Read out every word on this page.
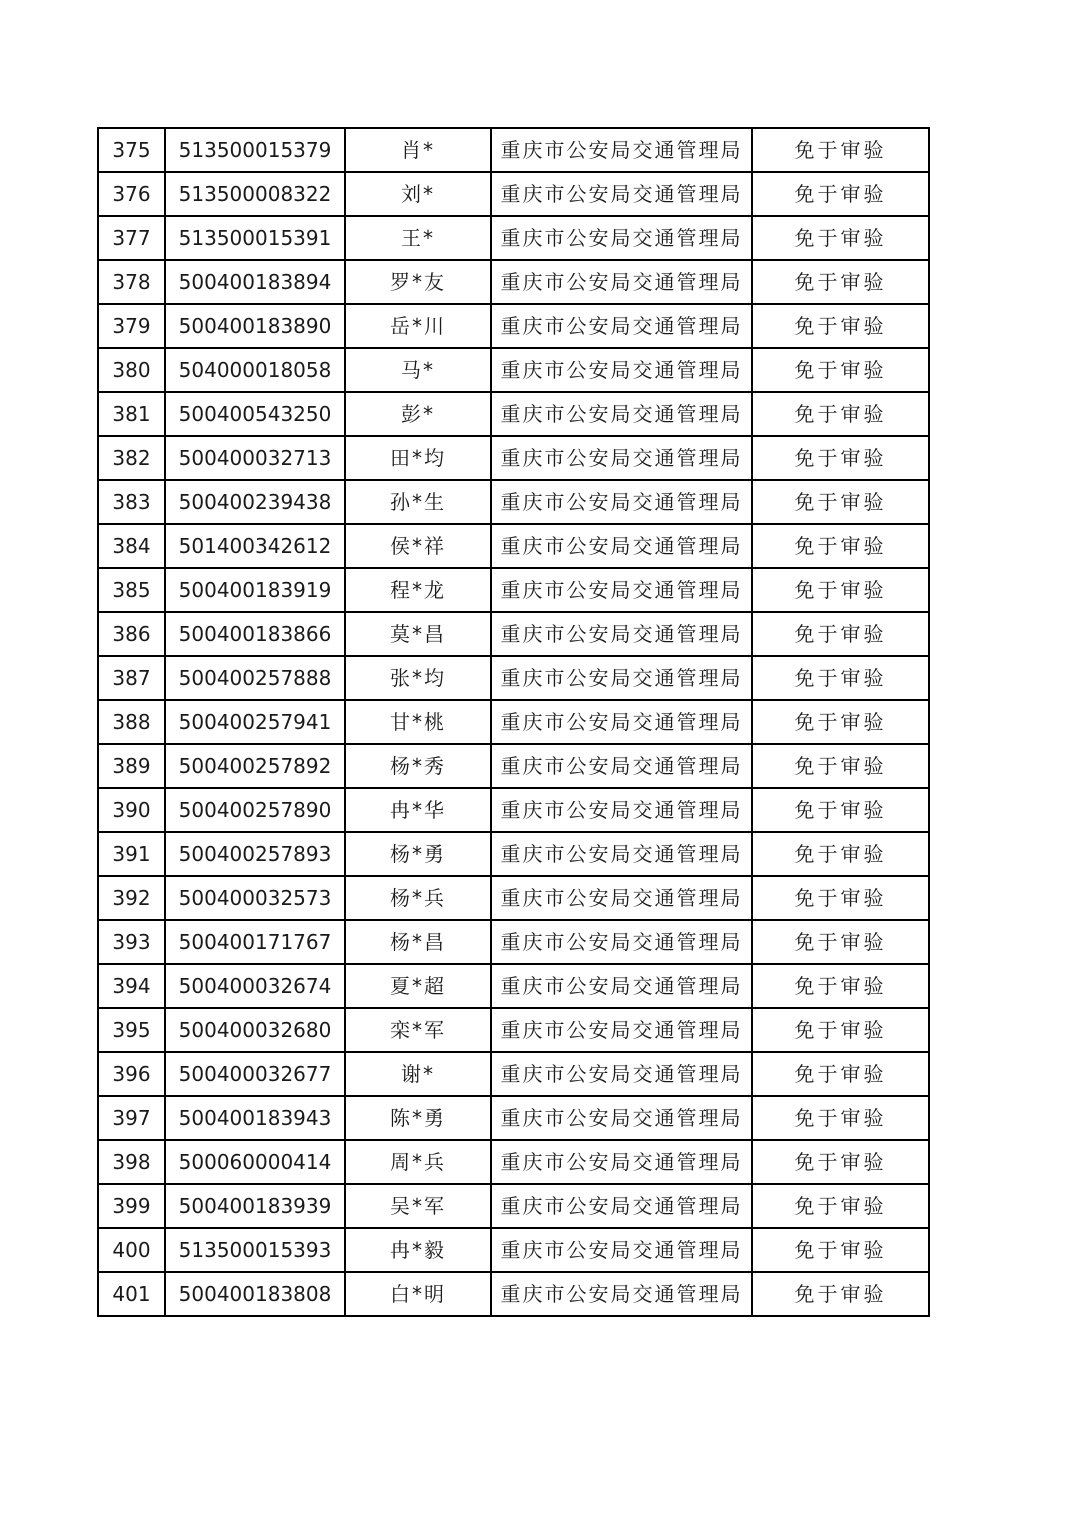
375	513500015379	肖*	重庆市公安局交通管理局	免于审验
376	513500008322	刘*	重庆市公安局交通管理局	免于审验
377	513500015391	王*	重庆市公安局交通管理局	免于审验
378	500400183894	罗*友	重庆市公安局交通管理局	免于审验
379	500400183890	岳*川	重庆市公安局交通管理局	免于审验
380	504000018058	马*	重庆市公安局交通管理局	免于审验
381	500400543250	彭*	重庆市公安局交通管理局	免于审验
382	500400032713	田*均	重庆市公安局交通管理局	免于审验
383	500400239438	孙*生	重庆市公安局交通管理局	免于审验
384	501400342612	侯*祥	重庆市公安局交通管理局	免于审验
385	500400183919	程*龙	重庆市公安局交通管理局	免于审验
386	500400183866	莫*昌	重庆市公安局交通管理局	免于审验
387	500400257888	张*均	重庆市公安局交通管理局	免于审验
388	500400257941	甘*桃	重庆市公安局交通管理局	免于审验
389	500400257892	杨*秀	重庆市公安局交通管理局	免于审验
390	500400257890	冉*华	重庆市公安局交通管理局	免于审验
391	500400257893	杨*勇	重庆市公安局交通管理局	免于审验
392	500400032573	杨*兵	重庆市公安局交通管理局	免于审验
393	500400171767	杨*昌	重庆市公安局交通管理局	免于审验
394	500400032674	夏*超	重庆市公安局交通管理局	免于审验
395	500400032680	栾*军	重庆市公安局交通管理局	免于审验
396	500400032677	谢*	重庆市公安局交通管理局	免于审验
397	500400183943	陈*勇	重庆市公安局交通管理局	免于审验
398	500060000414	周*兵	重庆市公安局交通管理局	免于审验
399	500400183939	吴*军	重庆市公安局交通管理局	免于审验
400	513500015393	冉*毅	重庆市公安局交通管理局	免于审验
401	500400183808	白*明	重庆市公安局交通管理局	免于审验
